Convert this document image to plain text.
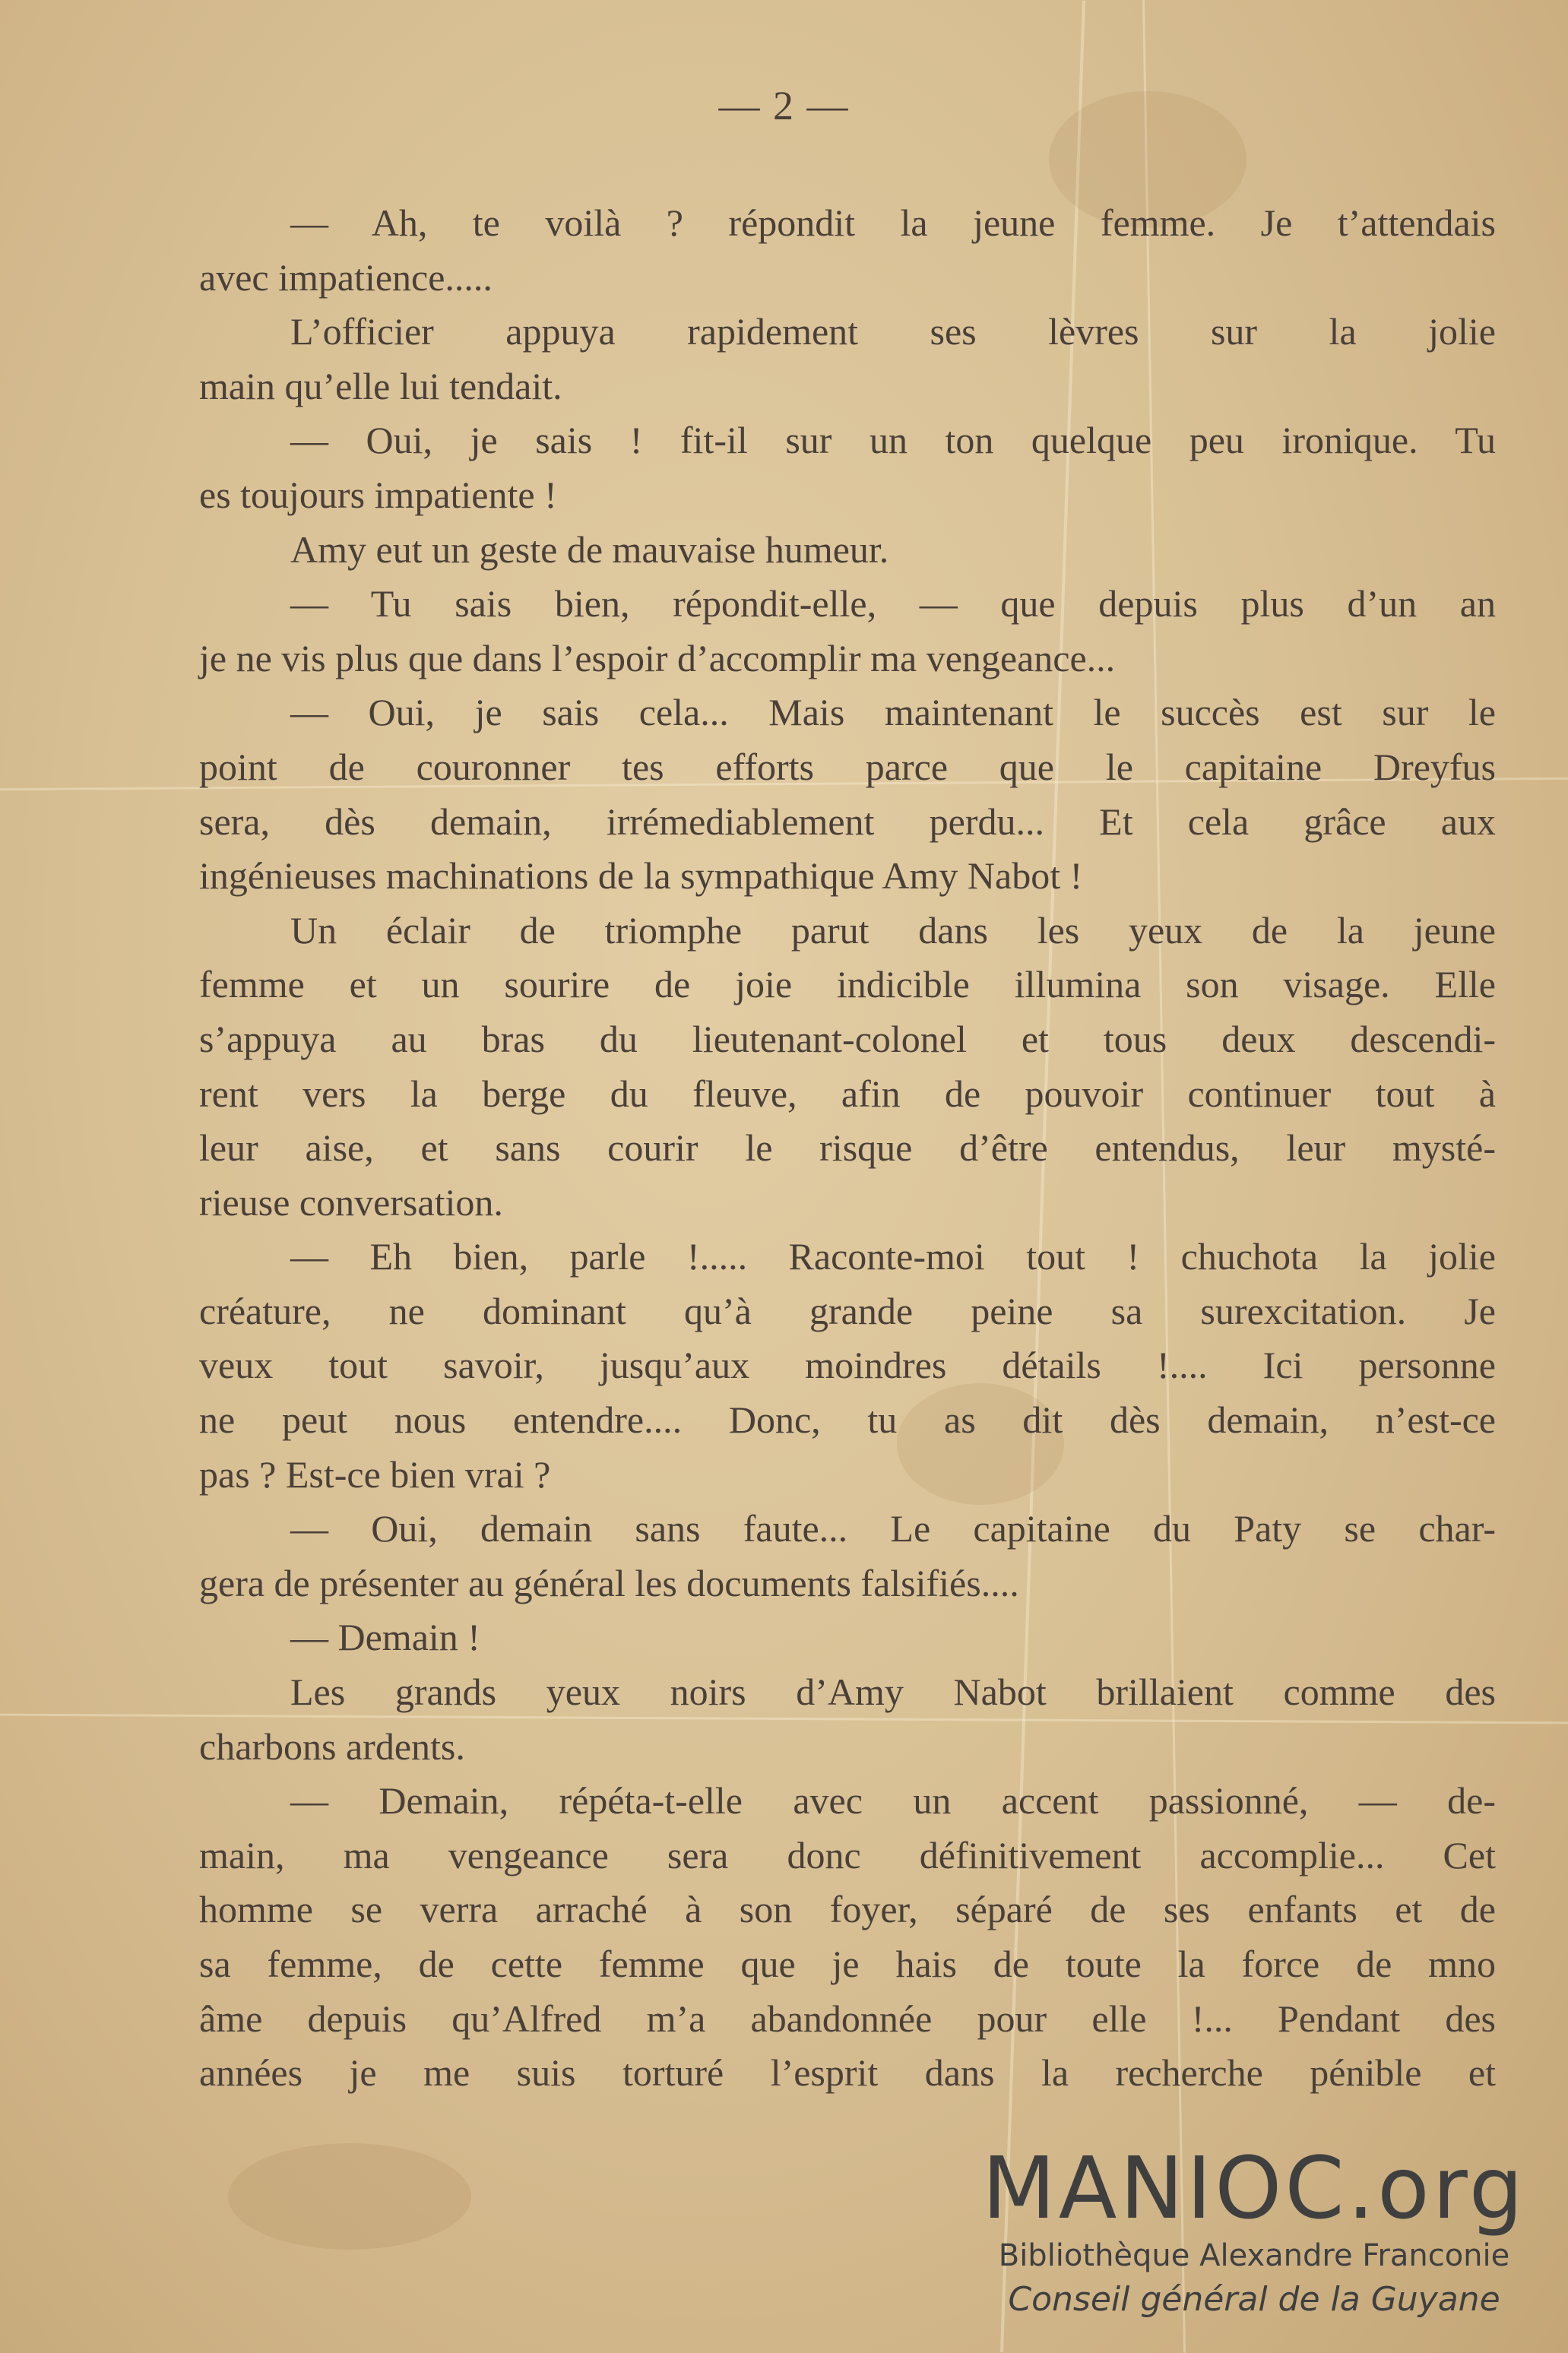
— 2 —
— Ah, te voilà ? répondit la jeune femme. Je t’attendais
avec impatience.....
L’officier appuya rapidement ses lèvres sur la jolie
main qu’elle lui tendait.
— Oui, je sais ! fit-il sur un ton quelque peu ironique. Tu
es toujours impatiente !
Amy eut un geste de mauvaise humeur.
— Tu sais bien, répondit-elle, — que depuis plus d’un an
je ne vis plus que dans l’espoir d’accomplir ma vengeance...
— Oui, je sais cela... Mais maintenant le succès est sur le
point de couronner tes efforts parce que le capitaine Dreyfus
sera, dès demain, irrémediablement perdu... Et cela grâce aux
ingénieuses machinations de la sympathique Amy Nabot !
Un éclair de triomphe parut dans les yeux de la jeune
femme et un sourire de joie indicible illumina son visage. Elle
s’appuya au bras du lieutenant-colonel et tous deux descendi-
rent vers la berge du fleuve, afin de pouvoir continuer tout à
leur aise, et sans courir le risque d’être entendus, leur mysté-
rieuse conversation.
— Eh bien, parle !..... Raconte-moi tout ! chuchota la jolie
créature, ne dominant qu’à grande peine sa surexcitation. Je
veux tout savoir, jusqu’aux moindres détails !.... Ici personne
ne peut nous entendre.... Donc, tu as dit dès demain, n’est-ce
pas ? Est-ce bien vrai ?
— Oui, demain sans faute... Le capitaine du Paty se char-
gera de présenter au général les documents falsifiés....
— Demain !
Les grands yeux noirs d’Amy Nabot brillaient comme des
charbons ardents.
— Demain, répéta-t-elle avec un accent passionné, — de-
main, ma vengeance sera donc définitivement accomplie... Cet
homme se verra arraché à son foyer, séparé de ses enfants et de
sa femme, de cette femme que je hais de toute la force de mno
âme depuis qu’Alfred m’a abandonnée pour elle !... Pendant des
années je me suis torturé l’esprit dans la recherche pénible et
MANIOC.org
Bibliothèque Alexandre Franconie
Conseil général de la Guyane
